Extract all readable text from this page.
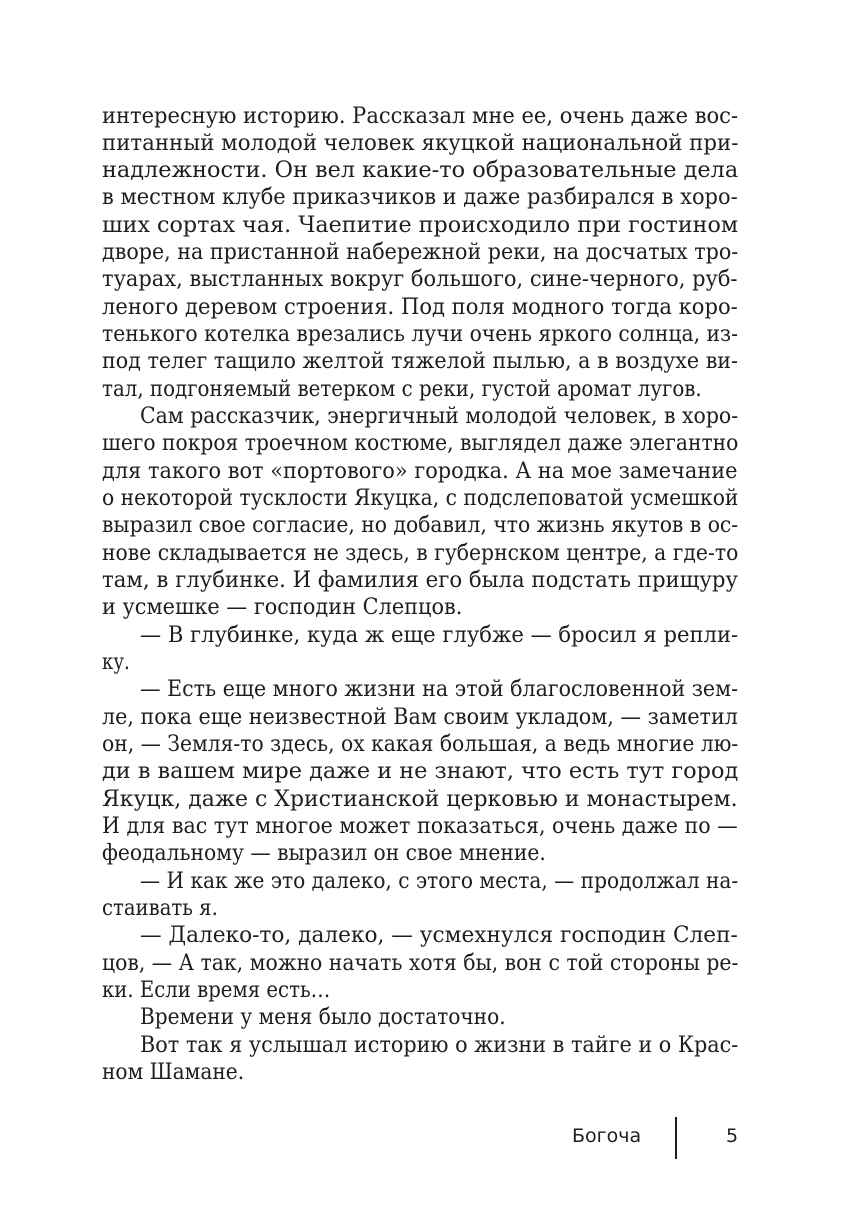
интересную историю. Рассказал мне ее, очень даже вос-
питанный молодой человек якуцкой национальной при-
надлежности. Он вел какие-то образовательные дела
в местном клубе приказчиков и даже разбирался в хоро-
ших сортах чая. Чаепитие происходило при гостином
дворе, на пристанной набережной реки, на досчатых тро-
туарах, выстланных вокруг большого, сине-черного, руб-
леного деревом строения. Под поля модного тогда коро-
тенького котелка врезались лучи очень яркого солнца, из-
под телег тащило желтой тяжелой пылью, а в воздухе ви-
тал, подгоняемый ветерком с реки, густой аромат лугов.
Сам рассказчик, энергичный молодой человек, в хоро-
шего покроя троечном костюме, выглядел даже элегантно
для такого вот «портового» городка. А на мое замечание
о некоторой тусклости Якуцка, с подслеповатой усмешкой
выразил свое согласие, но добавил, что жизнь якутов в ос-
нове складывается не здесь, в губернском центре, а где-то
там, в глубинке. И фамилия его была подстать прищуру
и усмешке — господин Слепцов.
— В глубинке, куда ж еще глубже — бросил я репли-
ку.
— Есть еще много жизни на этой благословенной зем-
ле, пока еще неизвестной Вам своим укладом, — заметил
он, — Земля-то здесь, ох какая большая, а ведь многие лю-
ди в вашем мире даже и не знают, что есть тут город
Якуцк, даже с Христианской церковью и монастырем.
И для вас тут многое может показаться, очень даже по —
феодальному — выразил он свое мнение.
— И как же это далеко, с этого места, — продолжал на-
стаивать я.
— Далеко-то, далеко, — усмехнулся господин Слеп-
цов, — А так, можно начать хотя бы, вон с той стороны ре-
ки. Если время есть…
Времени у меня было достаточно.
Вот так я услышал историю о жизни в тайге и о Крас-
ном Шамане.
Богоча	5
